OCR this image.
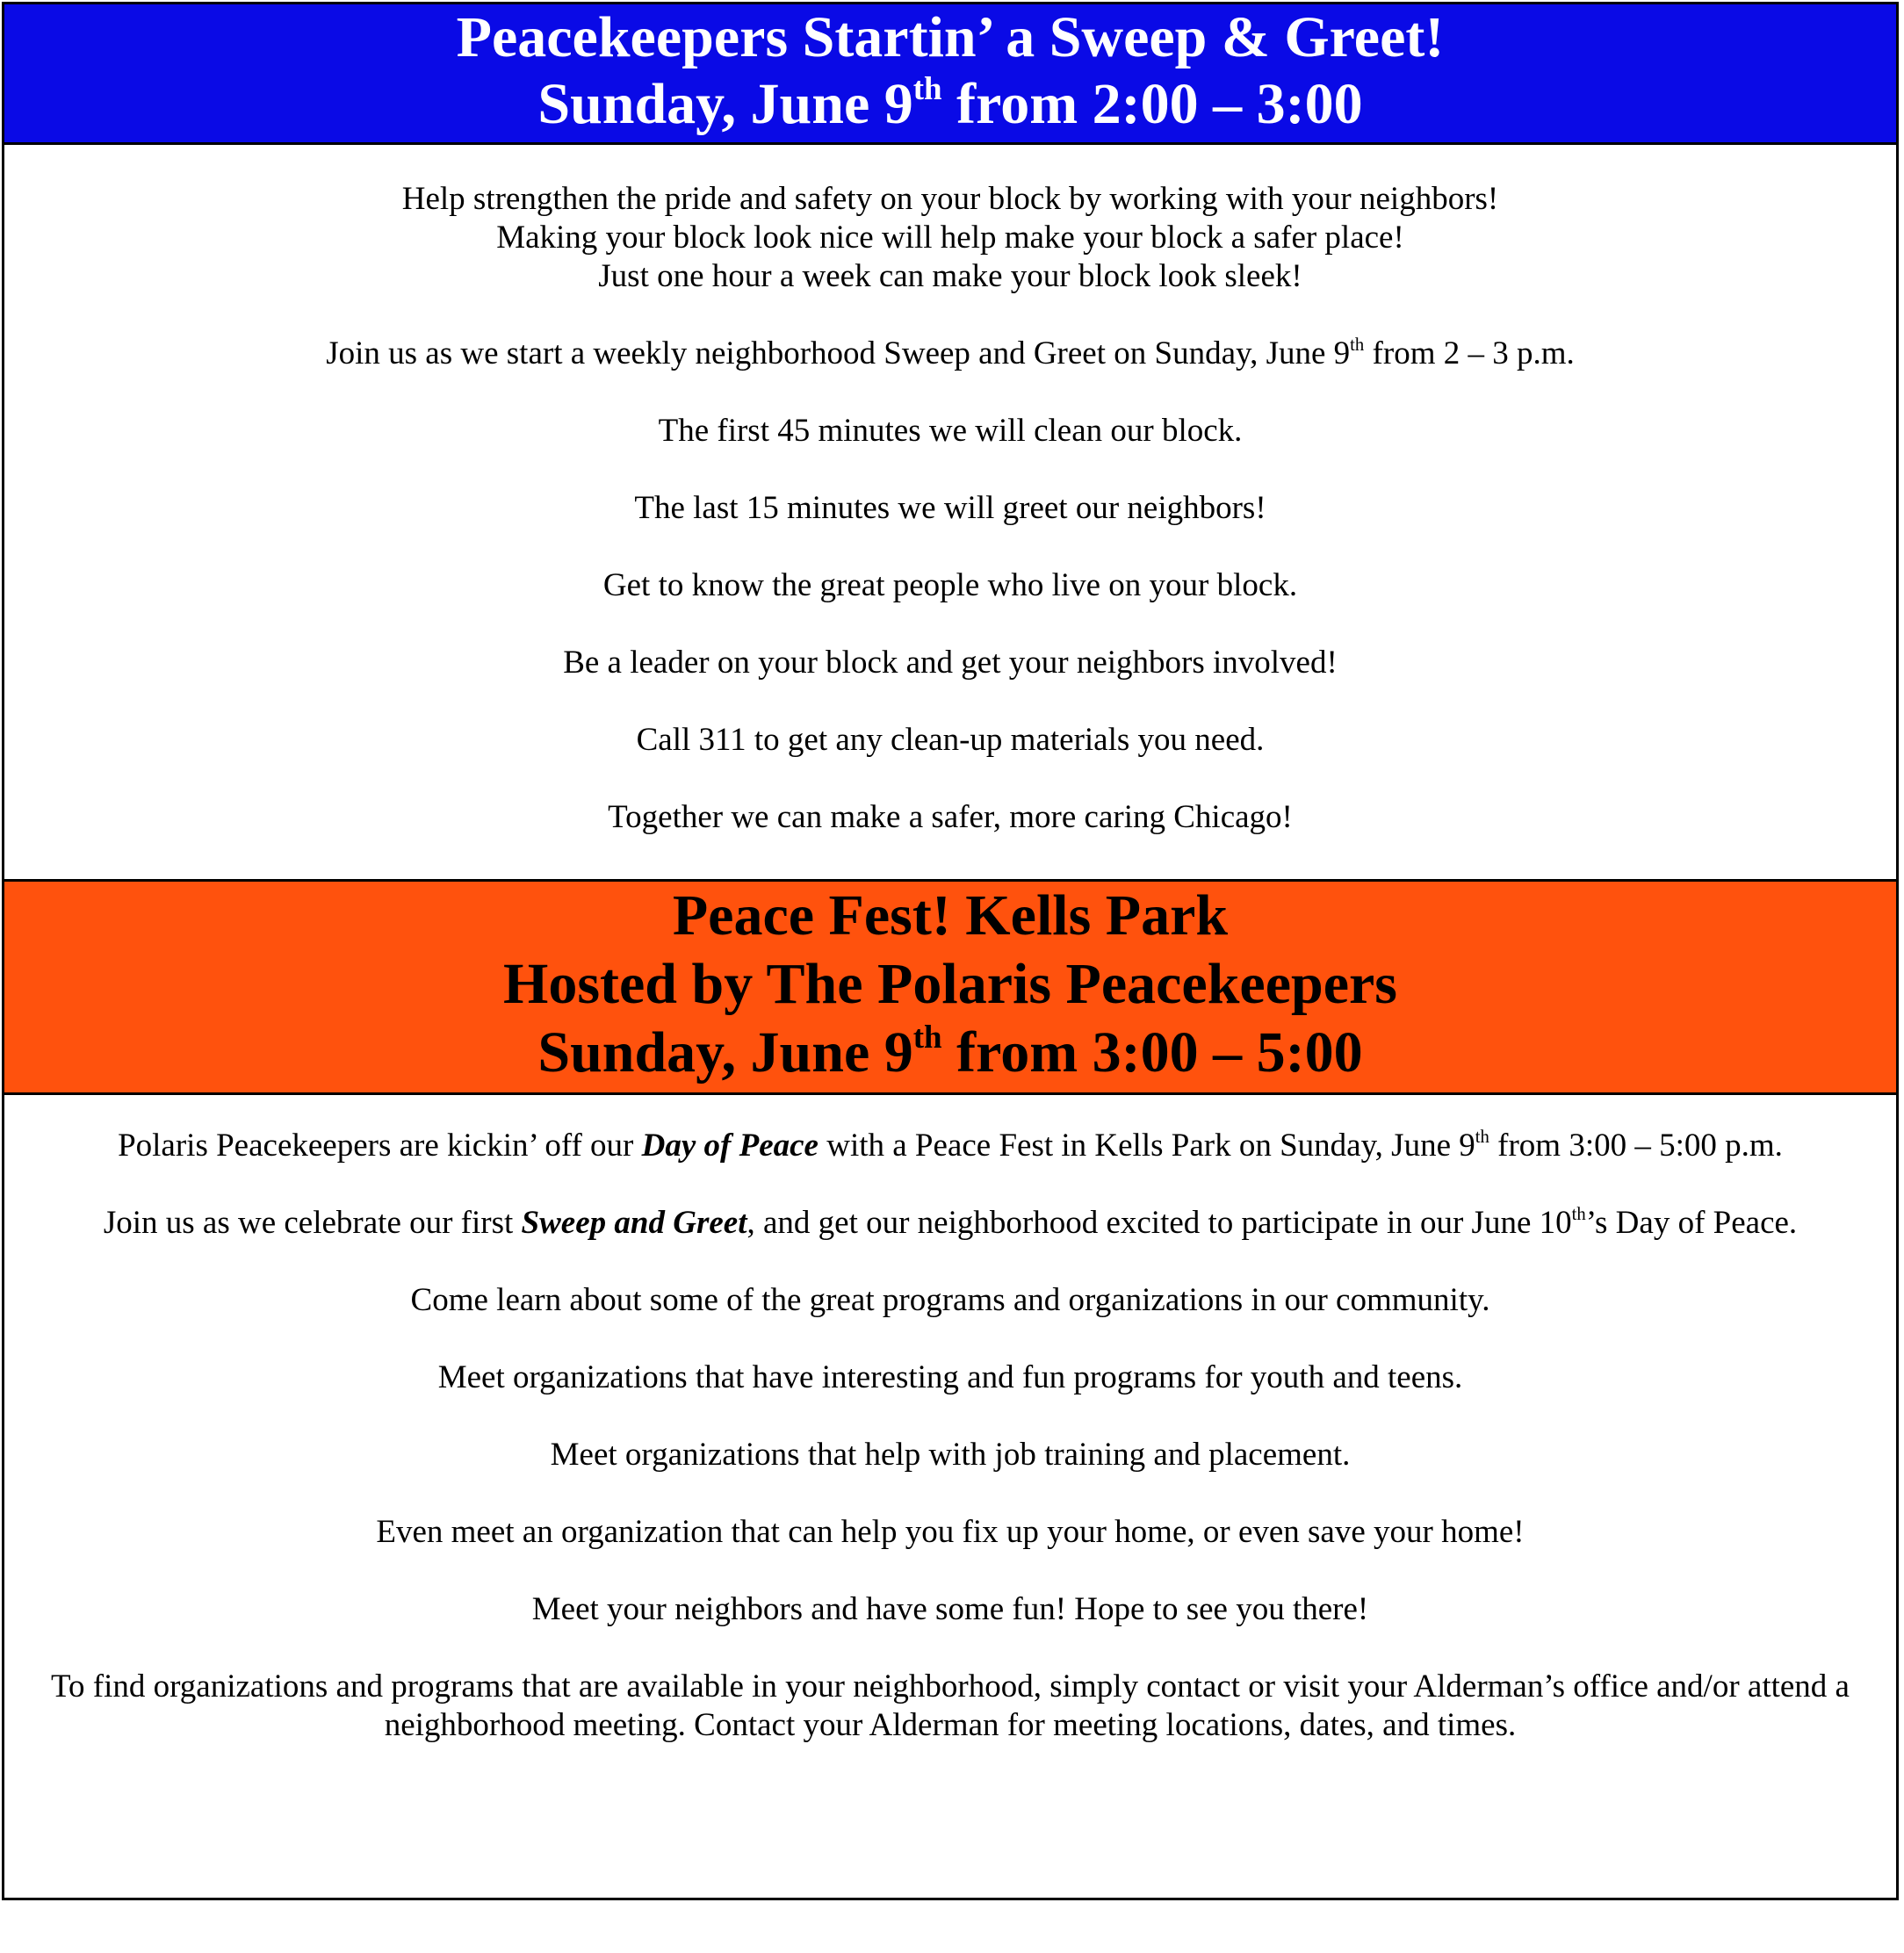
Peacekeepers Startin’ a Sweep & Greet!
Sunday, June 9th from 2:00 – 3:00

Help strengthen the pride and safety on your block by working with your neighbors!
Making your block look nice will help make your block a safer place!
Just one hour a week can make your block look sleek!

Join us as we start a weekly neighborhood Sweep and Greet on Sunday, June 9th from 2 – 3 p.m.

The first 45 minutes we will clean our block.

The last 15 minutes we will greet our neighbors!

Get to know the great people who live on your block.

Be a leader on your block and get your neighbors involved!

Call 311 to get any clean-up materials you need.

Together we can make a safer, more caring Chicago!

Peace Fest! Kells Park
Hosted by The Polaris Peacekeepers
Sunday, June 9th from 3:00 – 5:00

Polaris Peacekeepers are kickin’ off our Day of Peace with a Peace Fest in Kells Park on Sunday, June 9th from 3:00 – 5:00 p.m.

Join us as we celebrate our first Sweep and Greet, and get our neighborhood excited to participate in our June 10th’s Day of Peace.

Come learn about some of the great programs and organizations in our community.

Meet organizations that have interesting and fun programs for youth and teens.

Meet organizations that help with job training and placement.

Even meet an organization that can help you fix up your home, or even save your home!

Meet your neighbors and have some fun! Hope to see you there!

To find organizations and programs that are available in your neighborhood, simply contact or visit your Alderman’s office and/or attend a neighborhood meeting. Contact your Alderman for meeting locations, dates, and times.
